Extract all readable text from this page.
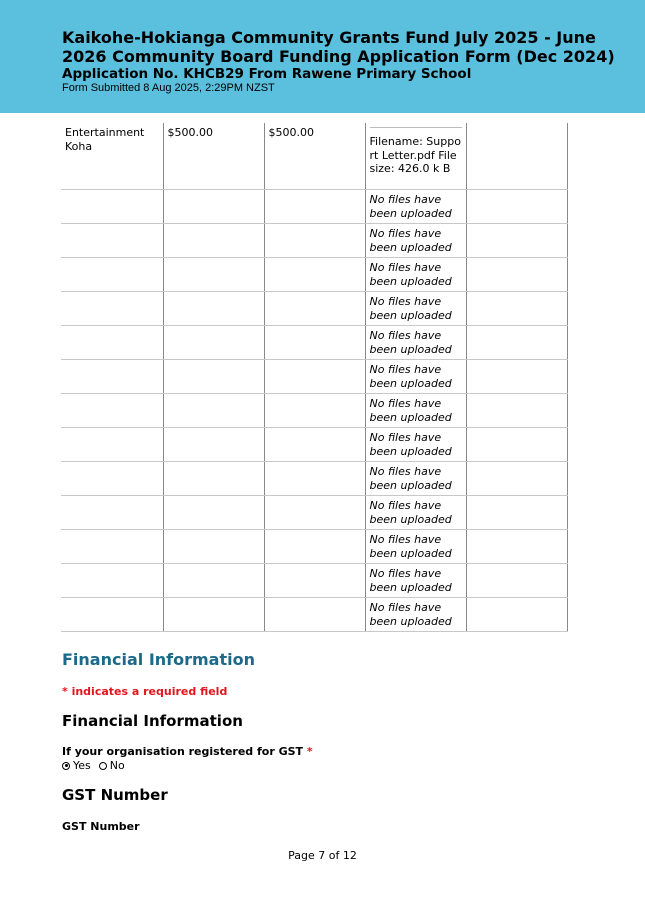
Kaikohe-Hokianga Community Grants Fund July 2025 - June 2026 Community Board Funding Application Form (Dec 2024)
Application No. KHCB29 From Rawene Primary School
Form Submitted 8 Aug 2025, 2:29PM NZST
Entertainment Koha	$500.00	$500.00	Filename: Suppo rt Letter.pdf File size: 426.0 k B	

			No files have been uploaded	

			No files have been uploaded	

			No files have been uploaded	

			No files have been uploaded	

			No files have been uploaded	

			No files have been uploaded	

			No files have been uploaded	

			No files have been uploaded	

			No files have been uploaded	

			No files have been uploaded	

			No files have been uploaded	

			No files have been uploaded	

			No files have been uploaded	

Financial Information
* indicates a required field
Financial Information
If your organisation registered for GST *
Yes No
GST Number
GST Number
Page 7 of 12
